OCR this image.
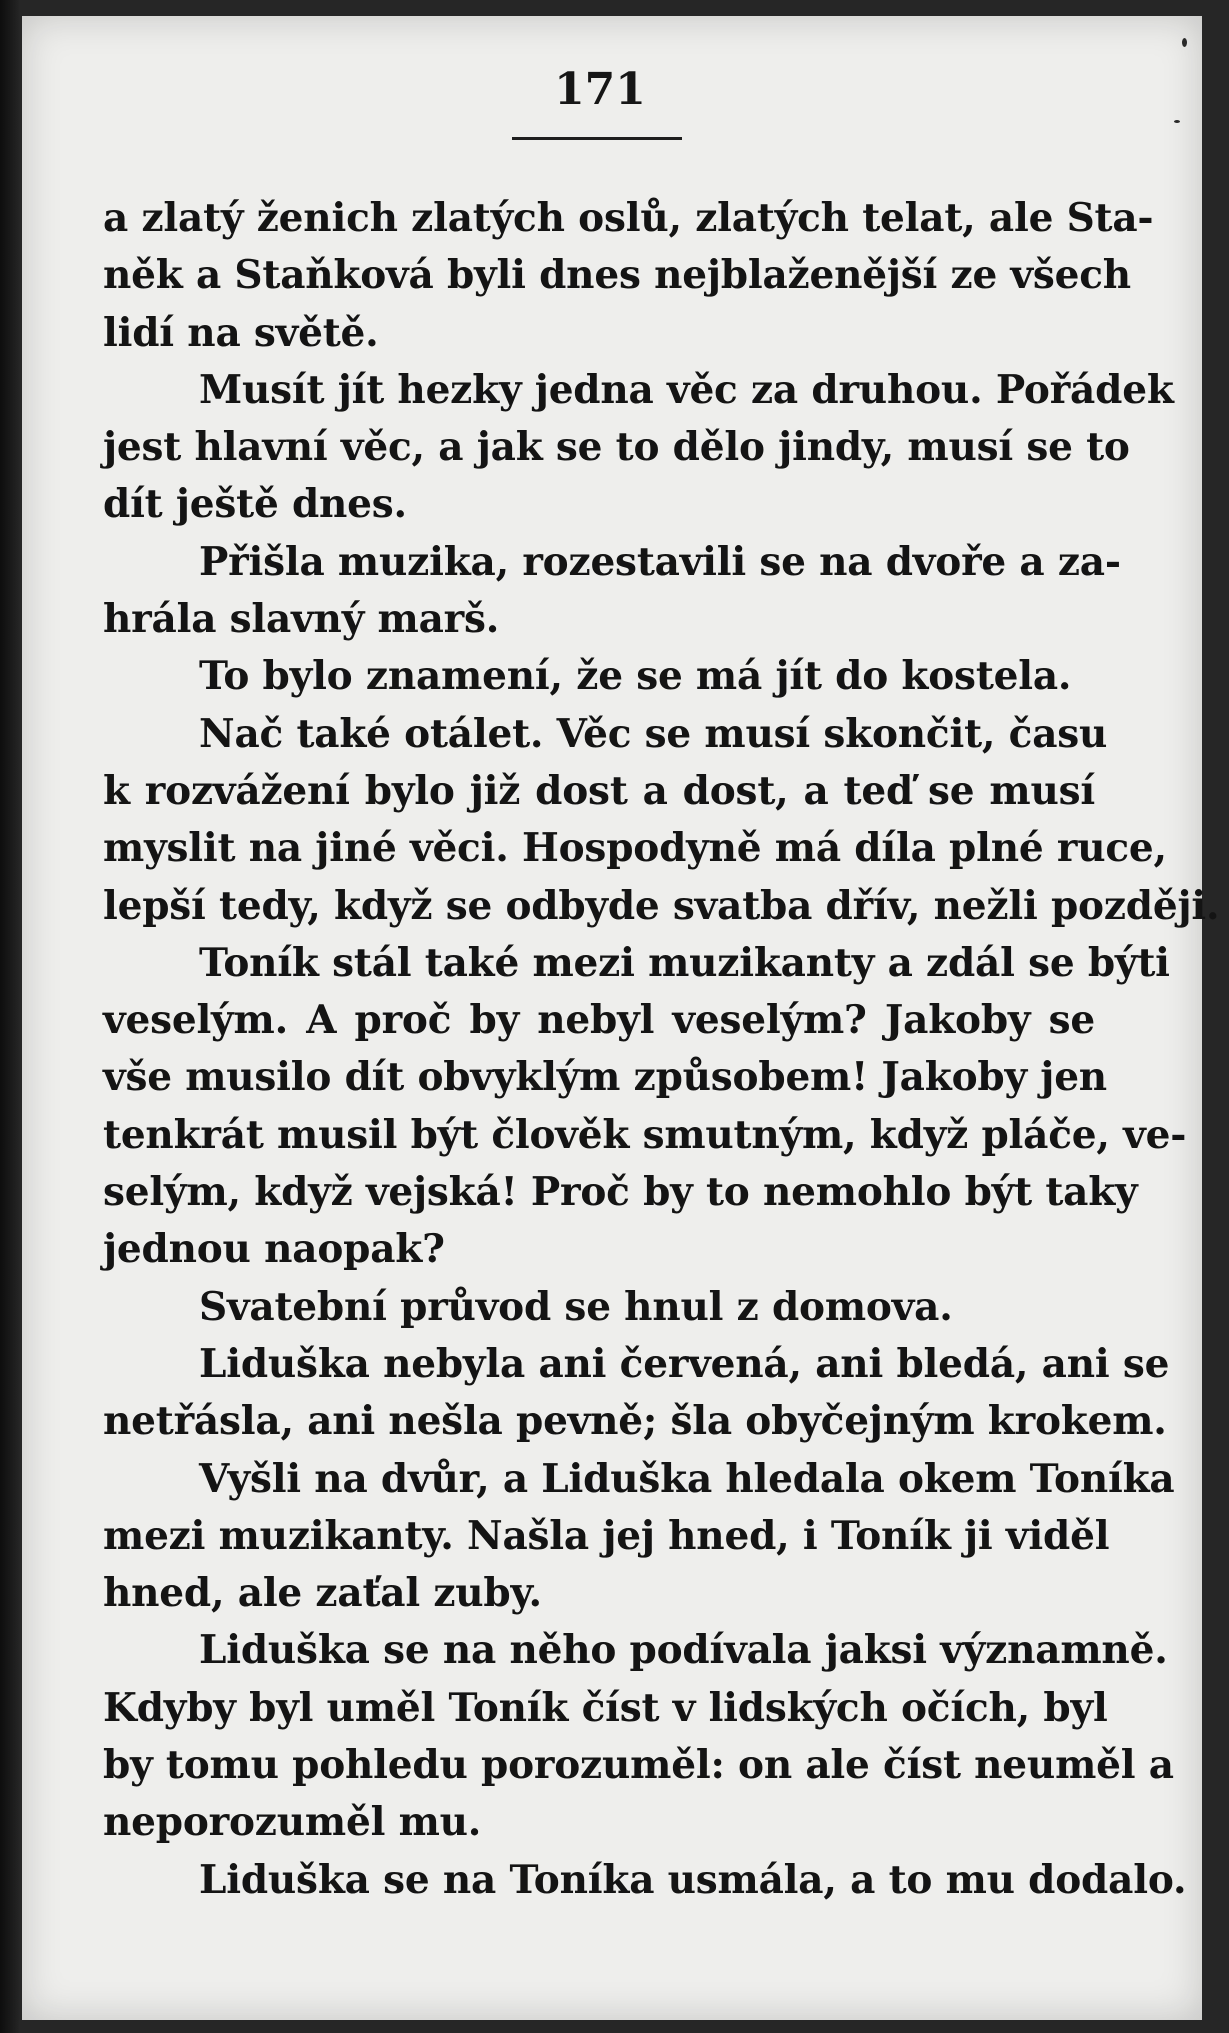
171
a zlatý ženich zlatých oslů, zlatých telat, ale Sta-
něk a Staňková byli dnes nejblaženější ze všech
lidí na světě.
Musít jít hezky jedna věc za druhou. Pořádek
jest hlavní věc, a jak se to dělo jindy, musí se to
dít ještě dnes.
Přišla muzika, rozestavili se na dvoře a za-
hrála slavný marš.
To bylo znamení, že se má jít do kostela.
Nač také otálet. Věc se musí skončit, času
k rozvážení bylo již dost a dost, a teď se musí
myslit na jiné věci. Hospodyně má díla plné ruce,
lepší tedy, když se odbyde svatba dřív, nežli později.
Toník stál také mezi muzikanty a zdál se býti
veselým. A proč by nebyl veselým? Jakoby se
vše musilo dít obvyklým způsobem! Jakoby jen
tenkrát musil být člověk smutným, když pláče, ve-
selým, když vejská! Proč by to nemohlo být taky
jednou naopak?
Svatební průvod se hnul z domova.
Liduška nebyla ani červená, ani bledá, ani se
netřásla, ani nešla pevně; šla obyčejným krokem.
Vyšli na dvůr, a Liduška hledala okem Toníka
mezi muzikanty. Našla jej hned, i Toník ji viděl
hned, ale zaťal zuby.
Liduška se na něho podívala jaksi významně.
Kdyby byl uměl Toník číst v lidských očích, byl
by tomu pohledu porozuměl: on ale číst neuměl a
neporozuměl mu.
Liduška se na Toníka usmála, a to mu dodalo.
